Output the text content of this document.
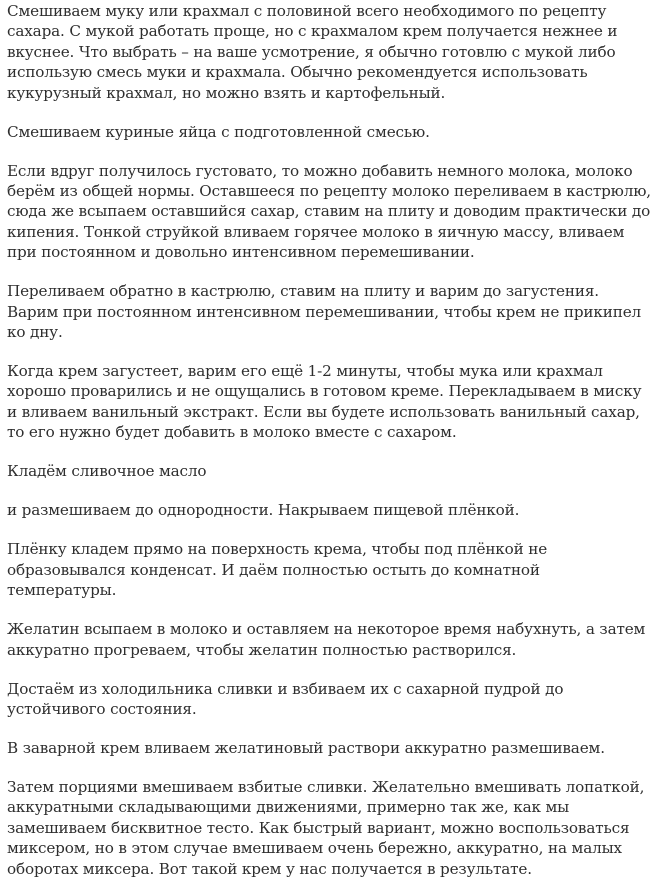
Смешиваем муку или крахмал с половиной всего необходимого по рецепту сахара. С мукой работать проще, но с крахмалом крем получается нежнее и вкуснее. Что выбрать – на ваше усмотрение, я обычно готовлю с мукой либо использую смесь муки и крахмала. Обычно рекомендуется использовать кукурузный крахмал, но можно взять и картофельный.

Смешиваем куриные яйца с подготовленной смесью.

Если вдруг получилось густовато, то можно добавить немного молока, молоко берём из общей нормы. Оставшееся по рецепту молоко переливаем в кастрюлю, сюда же всыпаем оставшийся сахар, ставим на плиту и доводим практически до кипения. Тонкой струйкой вливаем горячее молоко в яичную массу, вливаем при постоянном и довольно интенсивном перемешивании.

Переливаем обратно в кастрюлю, ставим на плиту и варим до загустения. Варим при постоянном интенсивном перемешивании, чтобы крем не прикипел ко дну.

Когда крем загустеет, варим его ещё 1-2 минуты, чтобы мука или крахмал хорошо проварились и не ощущались в готовом креме. Перекладываем в миску и вливаем ванильный экстракт. Если вы будете использовать ванильный сахар, то его нужно будет добавить в молоко вместе с сахаром.

Кладём сливочное масло

и размешиваем до однородности. Накрываем пищевой плёнкой.

Плёнку кладем прямо на поверхность крема, чтобы под плёнкой не образовывался конденсат. И даём полностью остыть до комнатной температуры.

Желатин всыпаем в молоко и оставляем на некоторое время набухнуть, а затем аккуратно прогреваем, чтобы желатин полностью растворился.

Достаём из холодильника сливки и взбиваем их с сахарной пудрой до устойчивого состояния.

В заварной крем вливаем желатиновый раствори аккуратно размешиваем.

Затем порциями вмешиваем взбитые сливки. Желательно вмешивать лопаткой, аккуратными складывающими движениями, примерно так же, как мы замешиваем бисквитное тесто. Как быстрый вариант, можно воспользоваться миксером, но в этом случае вмешиваем очень бережно, аккуратно, на малых оборотах миксера. Вот такой крем у нас получается в результате.
